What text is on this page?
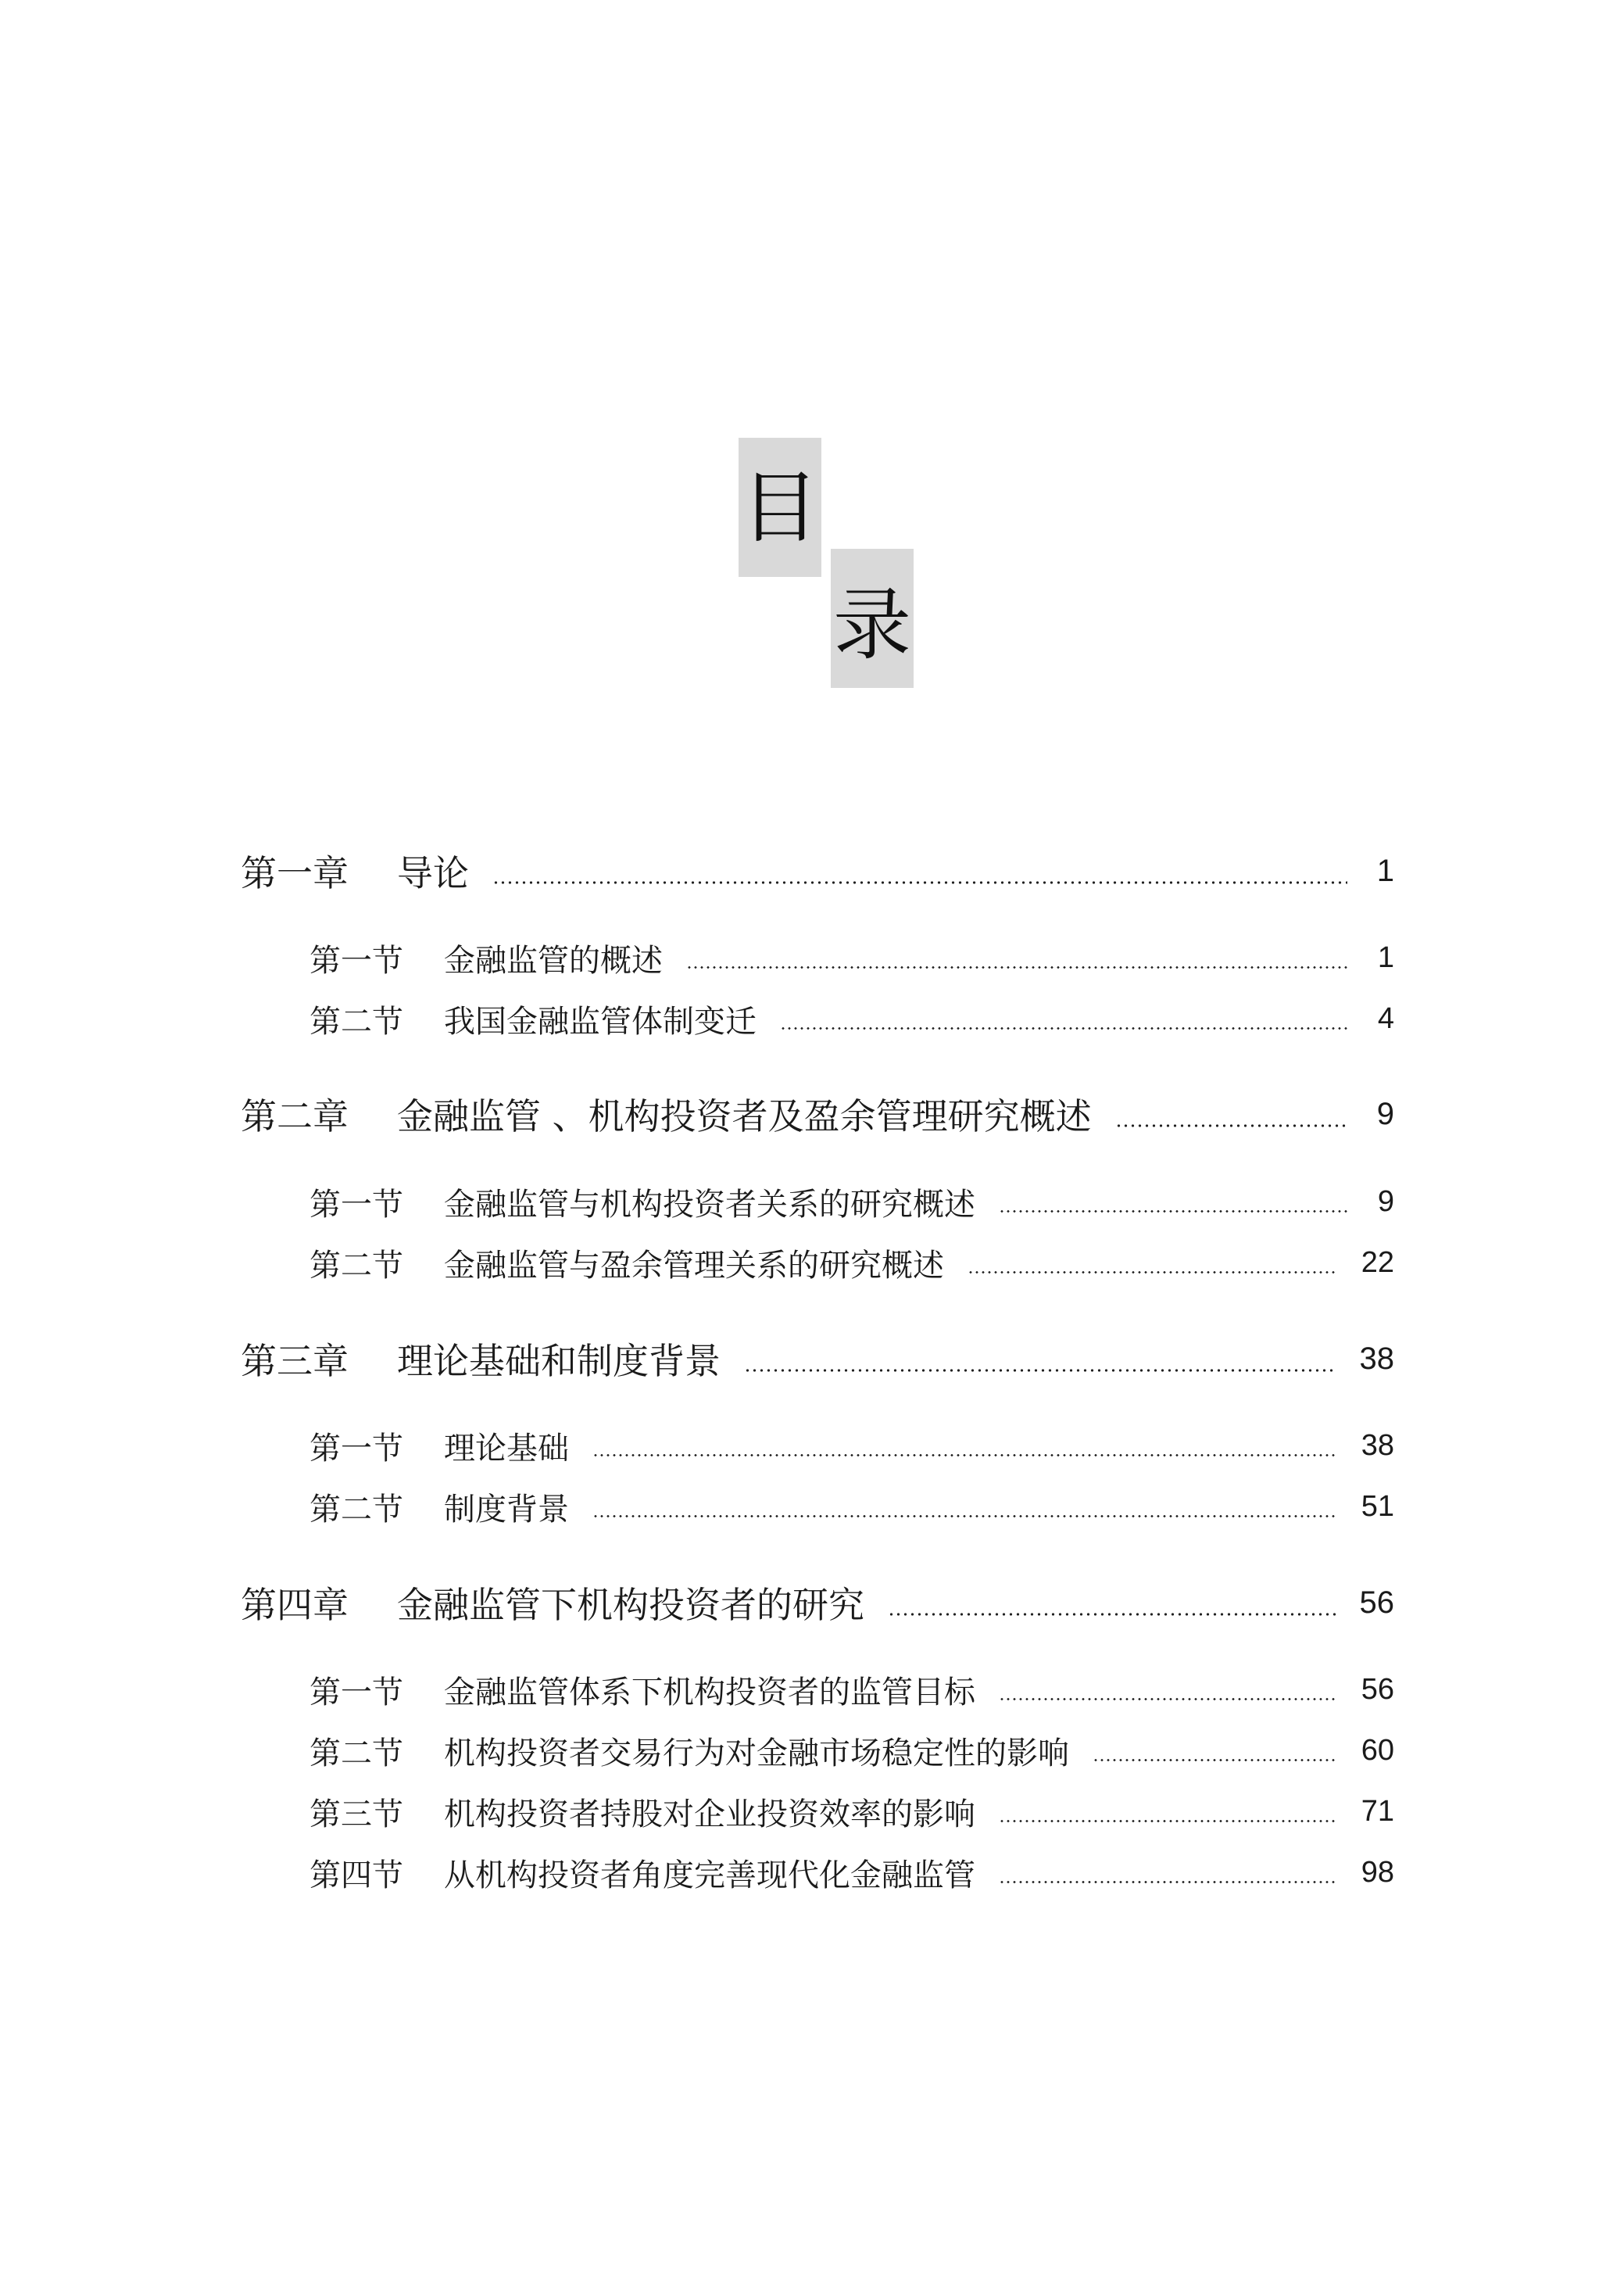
目
录
第一章	导论	1
第一节	金融监管的概述	1
第二节	我国金融监管体制变迁	4
第二章	金融监管 、机构投资者及盈余管理研究概述	9
第一节	金融监管与机构投资者关系的研究概述	9
第二节	金融监管与盈余管理关系的研究概述	22
第三章	理论基础和制度背景	38
第一节	理论基础	38
第二节	制度背景	51
第四章	金融监管下机构投资者的研究	56
第一节	金融监管体系下机构投资者的监管目标	56
第二节	机构投资者交易行为对金融市场稳定性的影响	60
第三节	机构投资者持股对企业投资效率的影响	71
第四节	从机构投资者角度完善现代化金融监管	98
